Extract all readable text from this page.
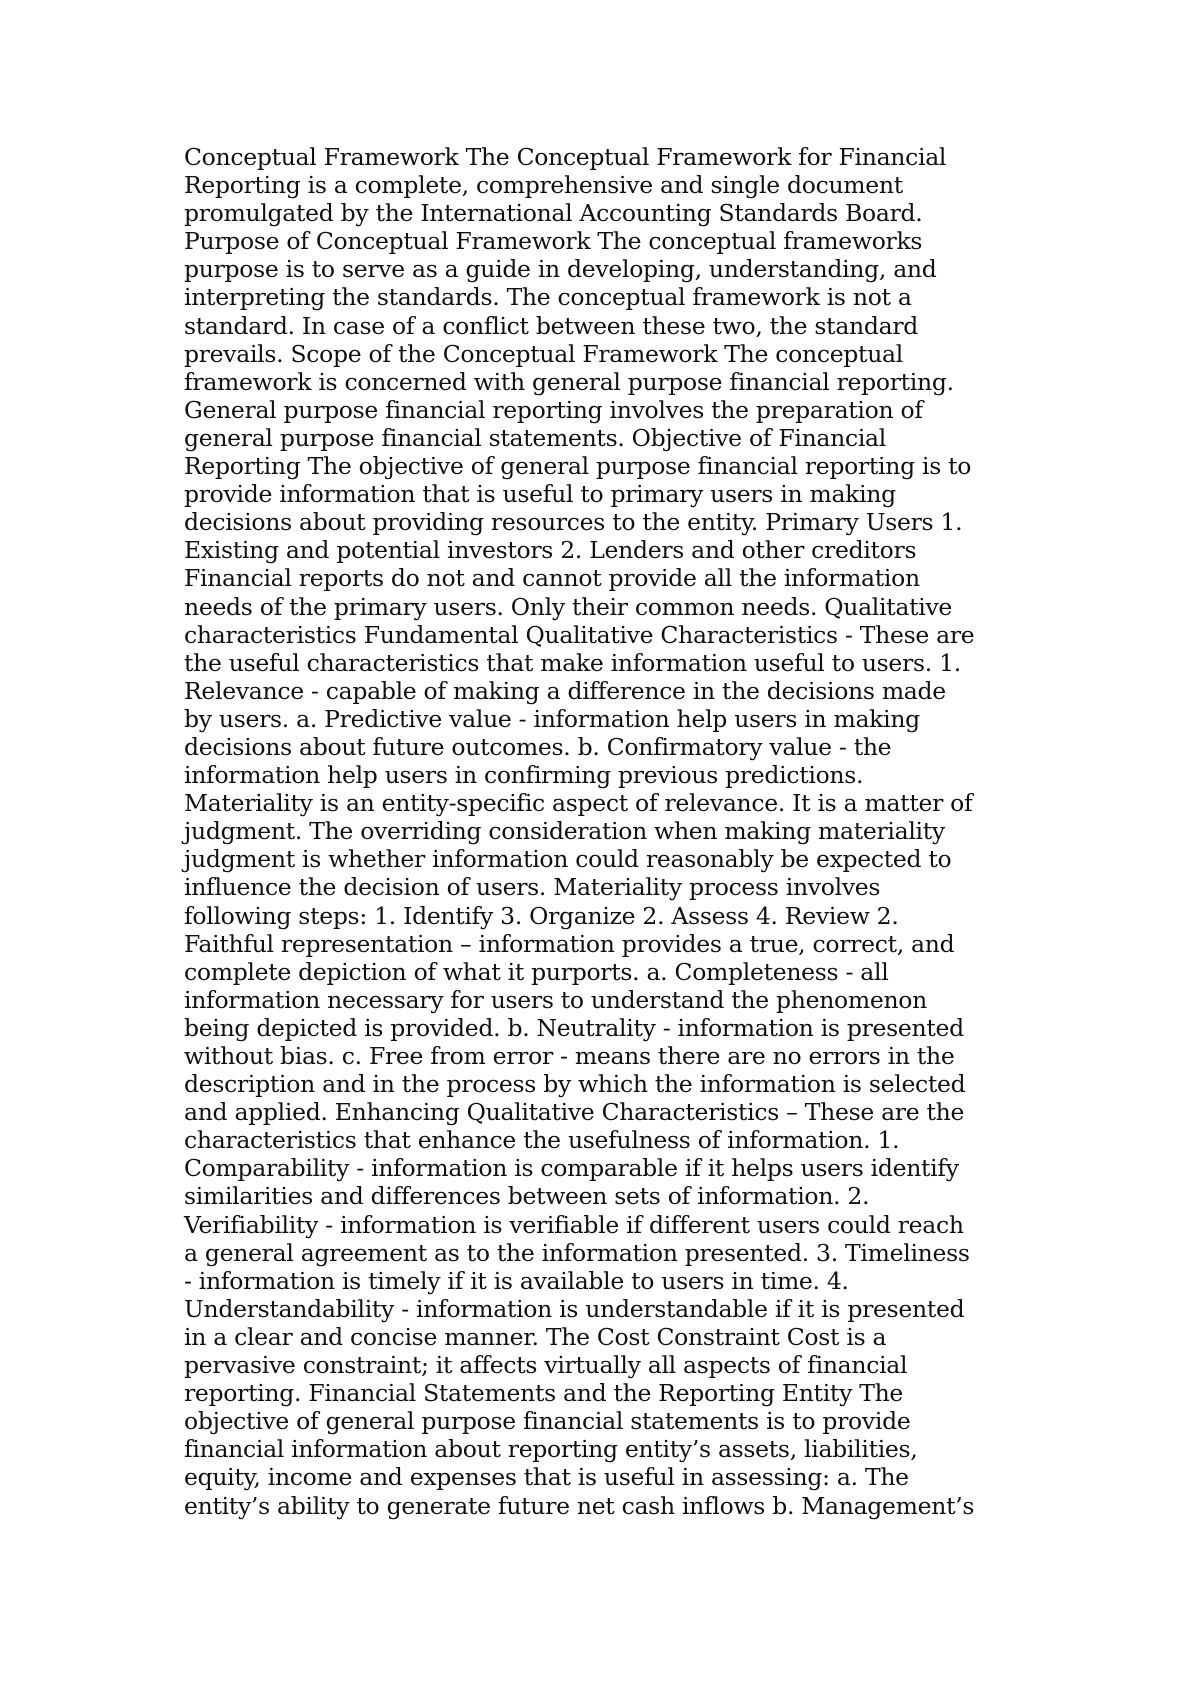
Conceptual Framework The Conceptual Framework for Financial
Reporting is a complete, comprehensive and single document
promulgated by the International Accounting Standards Board.
Purpose of Conceptual Framework The conceptual frameworks
purpose is to serve as a guide in developing, understanding, and
interpreting the standards. The conceptual framework is not a
standard. In case of a conflict between these two, the standard
prevails. Scope of the Conceptual Framework The conceptual
framework is concerned with general purpose financial reporting.
General purpose financial reporting involves the preparation of
general purpose financial statements. Objective of Financial
Reporting The objective of general purpose financial reporting is to
provide information that is useful to primary users in making
decisions about providing resources to the entity. Primary Users 1.
Existing and potential investors 2. Lenders and other creditors
Financial reports do not and cannot provide all the information
needs of the primary users. Only their common needs. Qualitative
characteristics Fundamental Qualitative Characteristics - These are
the useful characteristics that make information useful to users. 1.
Relevance - capable of making a difference in the decisions made
by users. a. Predictive value - information help users in making
decisions about future outcomes. b. Confirmatory value - the
information help users in confirming previous predictions.
Materiality is an entity-specific aspect of relevance. It is a matter of
judgment. The overriding consideration when making materiality
judgment is whether information could reasonably be expected to
influence the decision of users. Materiality process involves
following steps: 1. Identify 3. Organize 2. Assess 4. Review 2.
Faithful representation – information provides a true, correct, and
complete depiction of what it purports. a. Completeness - all
information necessary for users to understand the phenomenon
being depicted is provided. b. Neutrality - information is presented
without bias. c. Free from error - means there are no errors in the
description and in the process by which the information is selected
and applied. Enhancing Qualitative Characteristics – These are the
characteristics that enhance the usefulness of information. 1.
Comparability - information is comparable if it helps users identify
similarities and differences between sets of information. 2.
Verifiability - information is verifiable if different users could reach
a general agreement as to the information presented. 3. Timeliness
- information is timely if it is available to users in time. 4.
Understandability - information is understandable if it is presented
in a clear and concise manner. The Cost Constraint Cost is a
pervasive constraint; it affects virtually all aspects of financial
reporting. Financial Statements and the Reporting Entity The
objective of general purpose financial statements is to provide
financial information about reporting entity’s assets, liabilities,
equity, income and expenses that is useful in assessing: a. The
entity’s ability to generate future net cash inflows b. Management’s
